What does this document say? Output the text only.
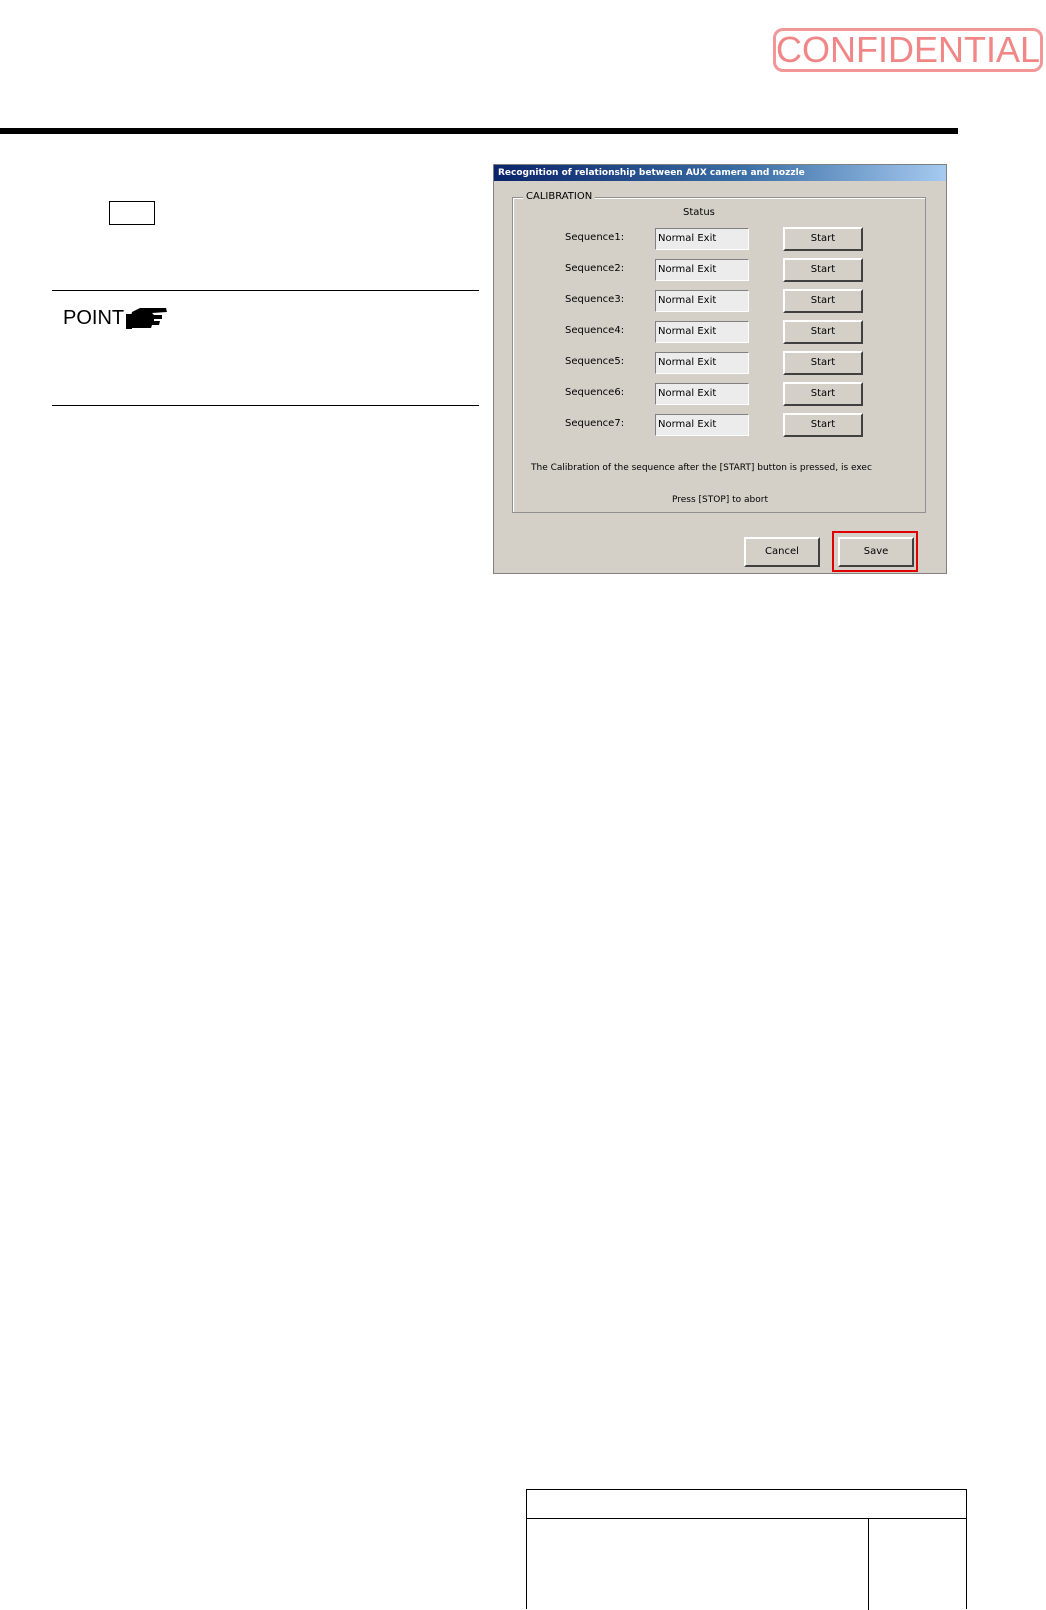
CONFIDENTIAL
POINT
Recognition of relationship between AUX camera and nozzle
CALIBRATION
Status
Sequence1:	Normal Exit	Start
Sequence2:	Normal Exit	Start
Sequence3:	Normal Exit	Start
Sequence4:	Normal Exit	Start
Sequence5:	Normal Exit	Start
Sequence6:	Normal Exit	Start
Sequence7:	Normal Exit	Start
The Calibration of the sequence after the [START] button is pressed, is exec
Press [STOP] to abort
Cancel	Save
